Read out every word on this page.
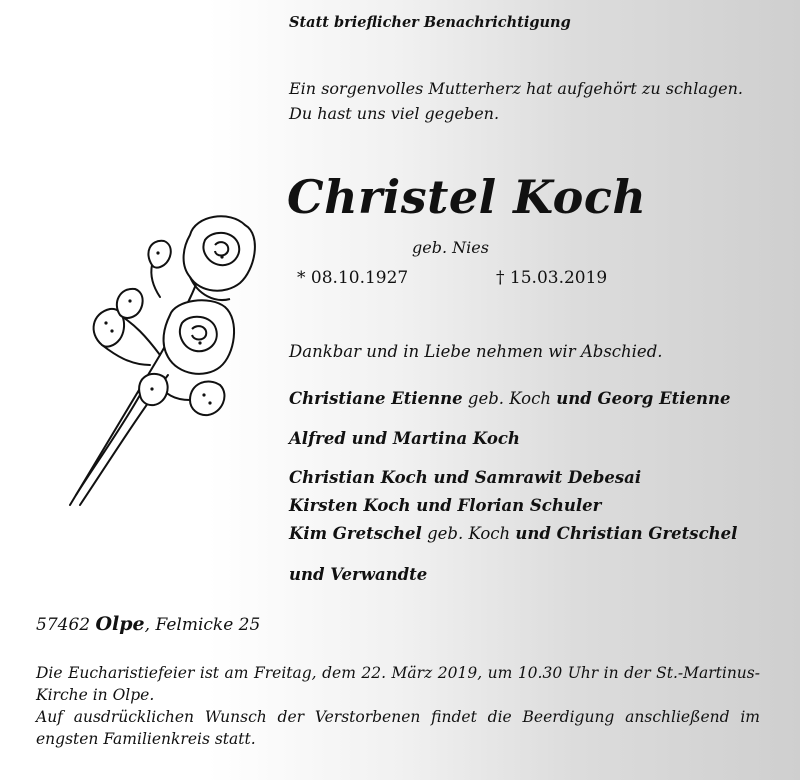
Statt brieflicher Benachrichtigung
Ein sorgenvolles Mutterherz hat aufgehört zu schlagen.
Du hast uns viel gegeben.
Christel Koch
geb. Nies
* 08.10.1927	† 15.03.2019
Dankbar und in Liebe nehmen wir Abschied.
Christiane Etienne geb. Koch und Georg Etienne
Alfred und Martina Koch
Christian Koch und Samrawit Debesai
Kirsten Koch und Florian Schuler
Kim Gretschel geb. Koch und Christian Gretschel
und Verwandte
57462 Olpe, Felmicke 25
Die Eucharistiefeier ist am Freitag, dem 22. März 2019, um 10.30 Uhr in der St.-Martinus-Kirche in Olpe.
Auf ausdrücklichen Wunsch der Verstorbenen findet die Beerdigung anschließend im engsten Familienkreis statt.
